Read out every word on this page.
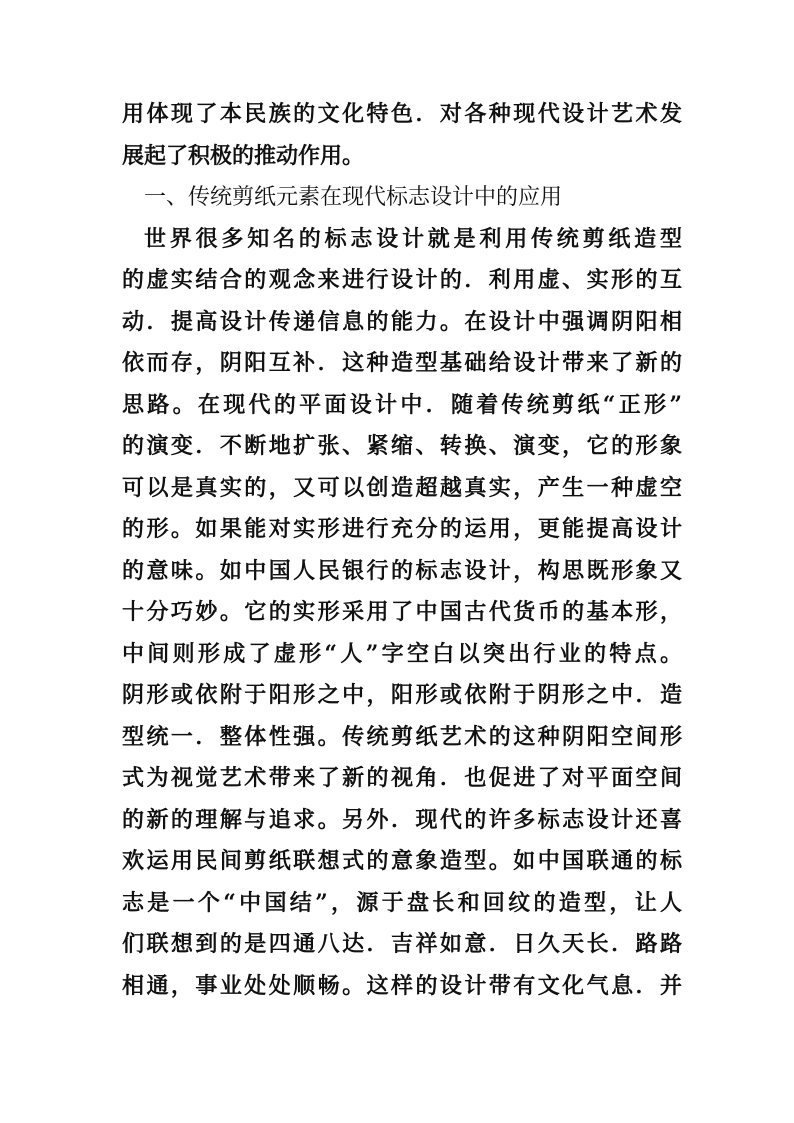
用体现了本民族的文化特色．对各种现代设计艺术发
展起了积极的推动作用。
一、传统剪纸元素在现代标志设计中的应用
世界很多知名的标志设计就是利用传统剪纸造型
的虚实结合的观念来进行设计的．利用虚、实形的互
动．提高设计传递信息的能力。在设计中强调阴阳相
依而存，阴阳互补．这种造型基础给设计带来了新的
思路。在现代的平面设计中．随着传统剪纸“正形”
的演变．不断地扩张、紧缩、转换、演变，它的形象
可以是真实的，又可以创造超越真实，产生一种虚空
的形。如果能对实形进行充分的运用，更能提高设计
的意味。如中国人民银行的标志设计，构思既形象又
十分巧妙。它的实形采用了中国古代货币的基本形，
中间则形成了虚形“人”字空白以突出行业的特点。
阴形或依附于阳形之中，阳形或依附于阴形之中．造
型统一．整体性强。传统剪纸艺术的这种阴阳空间形
式为视觉艺术带来了新的视角．也促进了对平面空间
的新的理解与追求。另外．现代的许多标志设计还喜
欢运用民间剪纸联想式的意象造型。如中国联通的标
志是一个“中国结”，源于盘长和回纹的造型，让人
们联想到的是四通八达．吉祥如意．日久天长．路路
相通，事业处处顺畅。这样的设计带有文化气息．并
